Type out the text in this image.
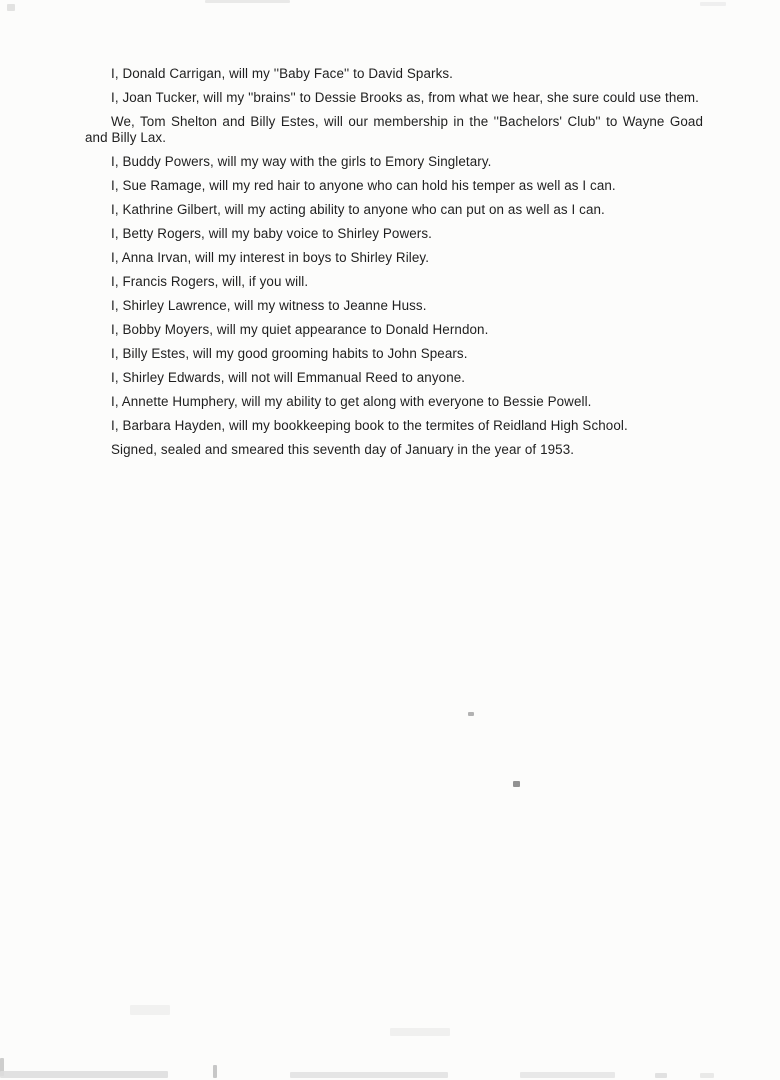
I, Donald Carrigan, will my ''Baby Face'' to David Sparks.

I, Joan Tucker, will my ''brains'' to Dessie Brooks as, from what we hear, she sure could use them.

We, Tom Shelton and Billy Estes, will our membership in the ''Bachelors' Club'' to Wayne Goad
and Billy Lax.

I, Buddy Powers, will my way with the girls to Emory Singletary.

I, Sue Ramage, will my red hair to anyone who can hold his temper as well as I can.

I, Kathrine Gilbert, will my acting ability to anyone who can put on as well as I can.

I, Betty Rogers, will my baby voice to Shirley Powers.

I, Anna Irvan, will my interest in boys to Shirley Riley.

I, Francis Rogers, will, if you will.

I, Shirley Lawrence, will my witness to Jeanne Huss.

I, Bobby Moyers, will my quiet appearance to Donald Herndon.

I, Billy Estes, will my good grooming habits to John Spears.

I, Shirley Edwards, will not will Emmanual Reed to anyone.

I, Annette Humphery, will my ability to get along with everyone to Bessie Powell.

I, Barbara Hayden, will my bookkeeping book to the termites of Reidland High School.

Signed, sealed and smeared this seventh day of January in the year of 1953.
